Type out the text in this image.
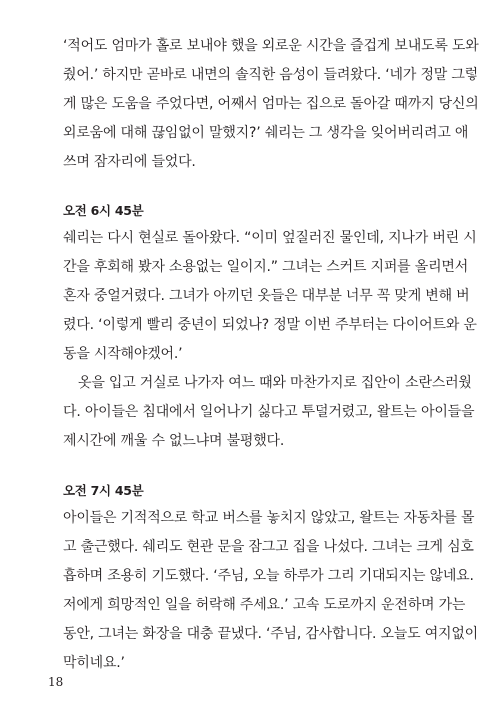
‘적어도 엄마가 홀로 보내야 했을 외로운 시간을 즐겁게 보내도록 도와
줬어.’ 하지만 곧바로 내면의 솔직한 음성이 들려왔다. ‘네가 정말 그렇
게 많은 도움을 주었다면, 어째서 엄마는 집으로 돌아갈 때까지 당신의
외로움에 대해 끊임없이 말했지?’ 쉐리는 그 생각을 잊어버리려고 애
쓰며 잠자리에 들었다.
오전 6시 45분
쉐리는 다시 현실로 돌아왔다. “이미 엎질러진 물인데, 지나가 버린 시
간을 후회해 봤자 소용없는 일이지.” 그녀는 스커트 지퍼를 올리면서
혼자 중얼거렸다. 그녀가 아끼던 옷들은 대부분 너무 꼭 맞게 변해 버
렸다. ‘이렇게 빨리 중년이 되었나? 정말 이번 주부터는 다이어트와 운
동을 시작해야겠어.’
옷을 입고 거실로 나가자 여느 때와 마찬가지로 집안이 소란스러웠
다. 아이들은 침대에서 일어나기 싫다고 투덜거렸고, 왈트는 아이들을
제시간에 깨울 수 없느냐며 불평했다.
오전 7시 45분
아이들은 기적적으로 학교 버스를 놓치지 않았고, 왈트는 자동차를 몰
고 출근했다. 쉐리도 현관 문을 잠그고 집을 나섰다. 그녀는 크게 심호
흡하며 조용히 기도했다. ‘주님, 오늘 하루가 그리 기대되지는 않네요.
저에게 희망적인 일을 허락해 주세요.’ 고속 도로까지 운전하며 가는
동안, 그녀는 화장을 대충 끝냈다. ‘주님, 감사합니다. 오늘도 여지없이
막히네요.’
18
